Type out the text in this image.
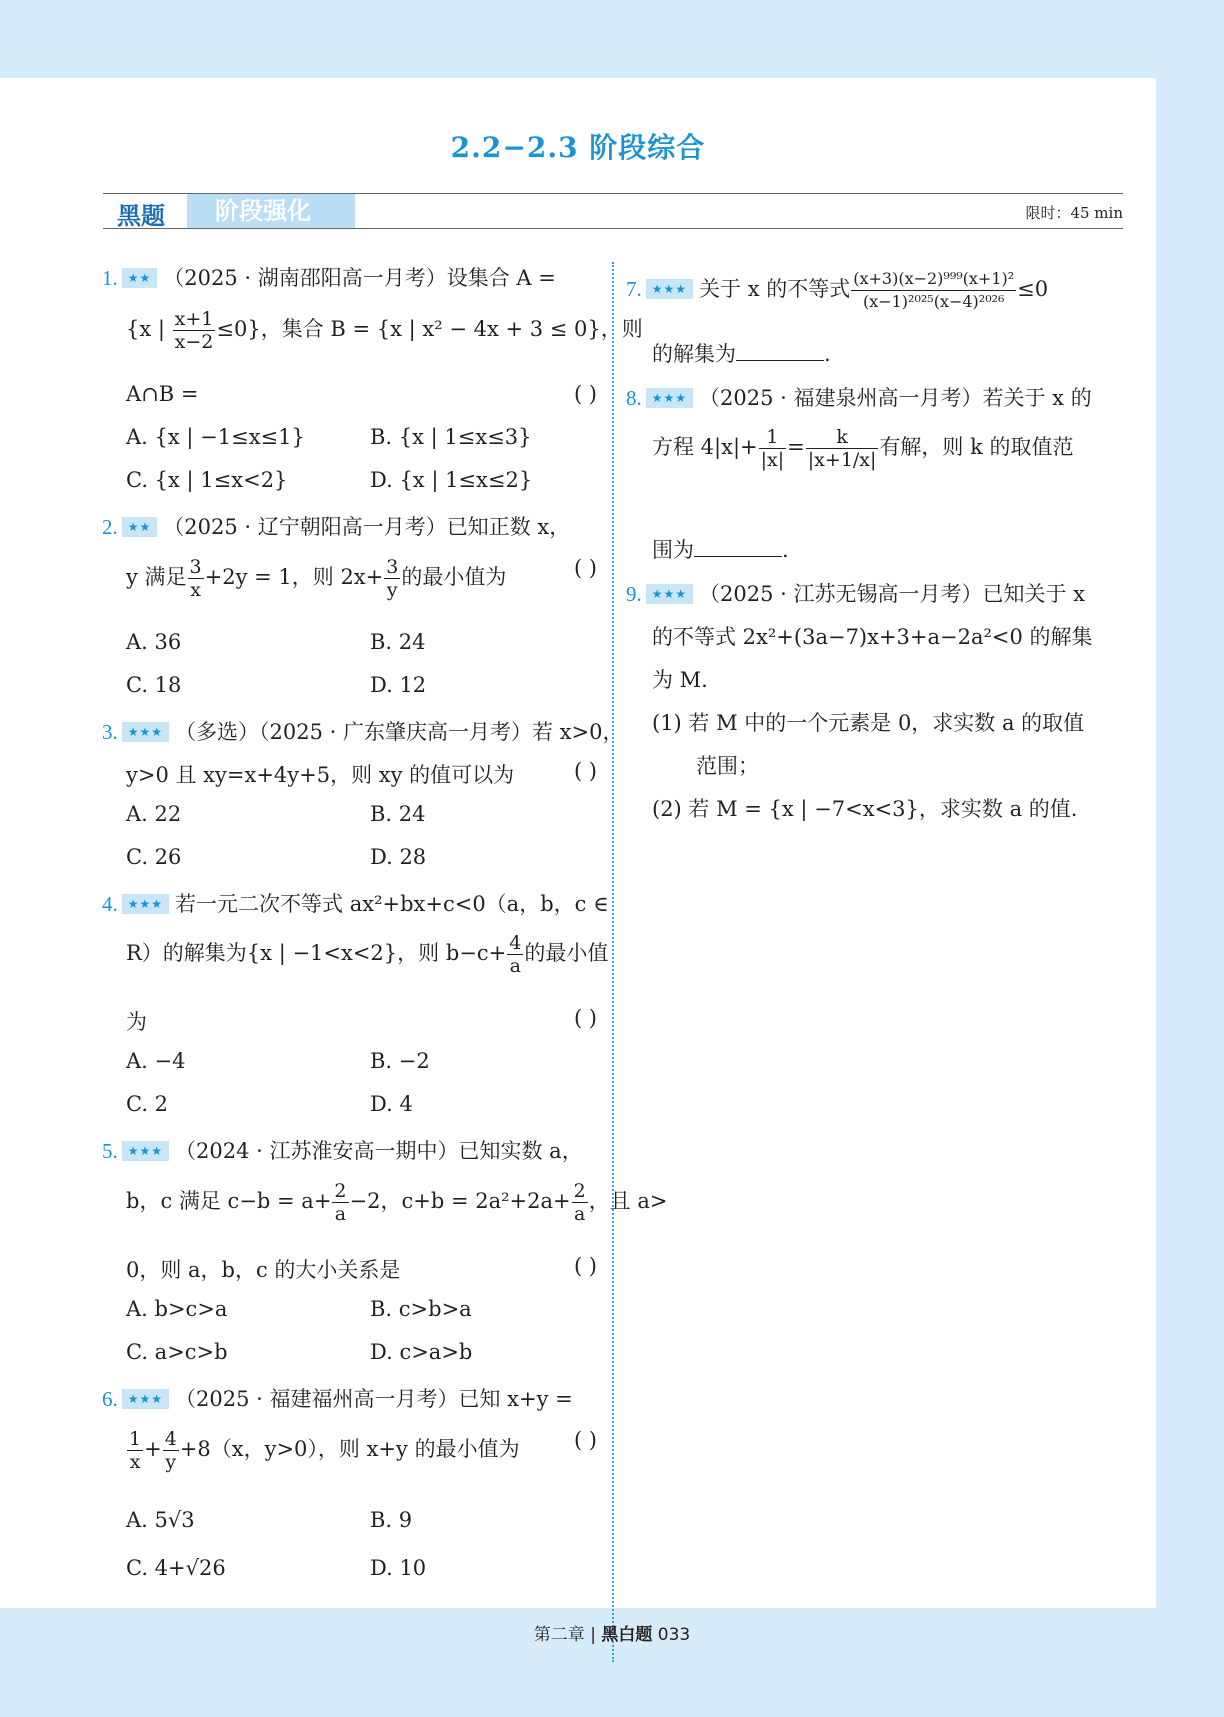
2.2−2.3 阶段综合
黑题	阶段强化	限时：45 min
1. ★★ （2025 · 湖南邵阳高一月考）设集合 A =
{x | $\frac{x+1}{x-2} \le 0$}，集合 B = {x | x² − 4x + 3 ≤ 0}，则
A∩B =	( )
A. {x | −1≤x≤1}	B. {x | 1≤x≤3}
C. {x | 1≤x<2}	D. {x | 1≤x≤2}
2. ★★ （2025 · 辽宁朝阳高一月考）已知正数 x，
y 满足 $\frac{3}{x} +2y = 1$，则 $2x+ \frac{3}{y}$ 的最小值为	( )
A. 36	B. 24
C. 18	D. 12
3. ★★★ （多选）（2025 · 广东肇庆高一月考）若 x>0，
y>0 且 xy=x+4y+5，则 xy 的值可以为	( )
A. 22	B. 24
C. 26	D. 28
4. ★★★ 若一元二次不等式 ax²+bx+c<0（a，b，c ∈
R）的解集为{x | −1<x<2}，则 $b-c+ \frac{4}{a}$ 的最小值
为	( )
A. −4	B. −2
C. 2	D. 4
5. ★★★ （2024 · 江苏淮安高一期中）已知实数 a，
b，c 满足 $c-b = a+ \frac{2}{a} -2$，$c+b = 2a^2+2a+ \frac{2}{a}$ ，且 a>
0，则 a，b，c 的大小关系是	( )
A. b>c>a	B. c>b>a
C. a>c>b	D. c>a>b
6. ★★★ （2025 · 福建福州高一月考）已知 x+y =
$\frac{1}{x} + \frac{4}{y} +8(x$，y>0），则 x+y 的最小值为	( )
A. 5√3	B. 9
C. 4+√26	D. 10
7. ★★★ 关于 x 的不等式 $\frac{\text{(x+3)(x−2)⁹⁹⁹(x+1)²}}{\text{(x−1)²⁰²⁵(x−4)²⁰²⁶}} \le 0$
的解集为	.
8. ★★★ （2025 · 福建泉州高一月考）若关于 x 的
方程 $4|x|+ \frac{1}{|x|} = \frac{k}{|x+1/x|}$ 有解，则 k 的取值范
围为	.
9. ★★★ （2025 · 江苏无锡高一月考）已知关于 x
的不等式 2x²+(3a−7)x+3+a−2a²<0 的解集
为 M.
(1) 若 M 中的一个元素是 0，求实数 a 的取值
范围；
(2) 若 M = {x | −7<x<3}，求实数 a 的值.
第二章 | 黑白题 033
